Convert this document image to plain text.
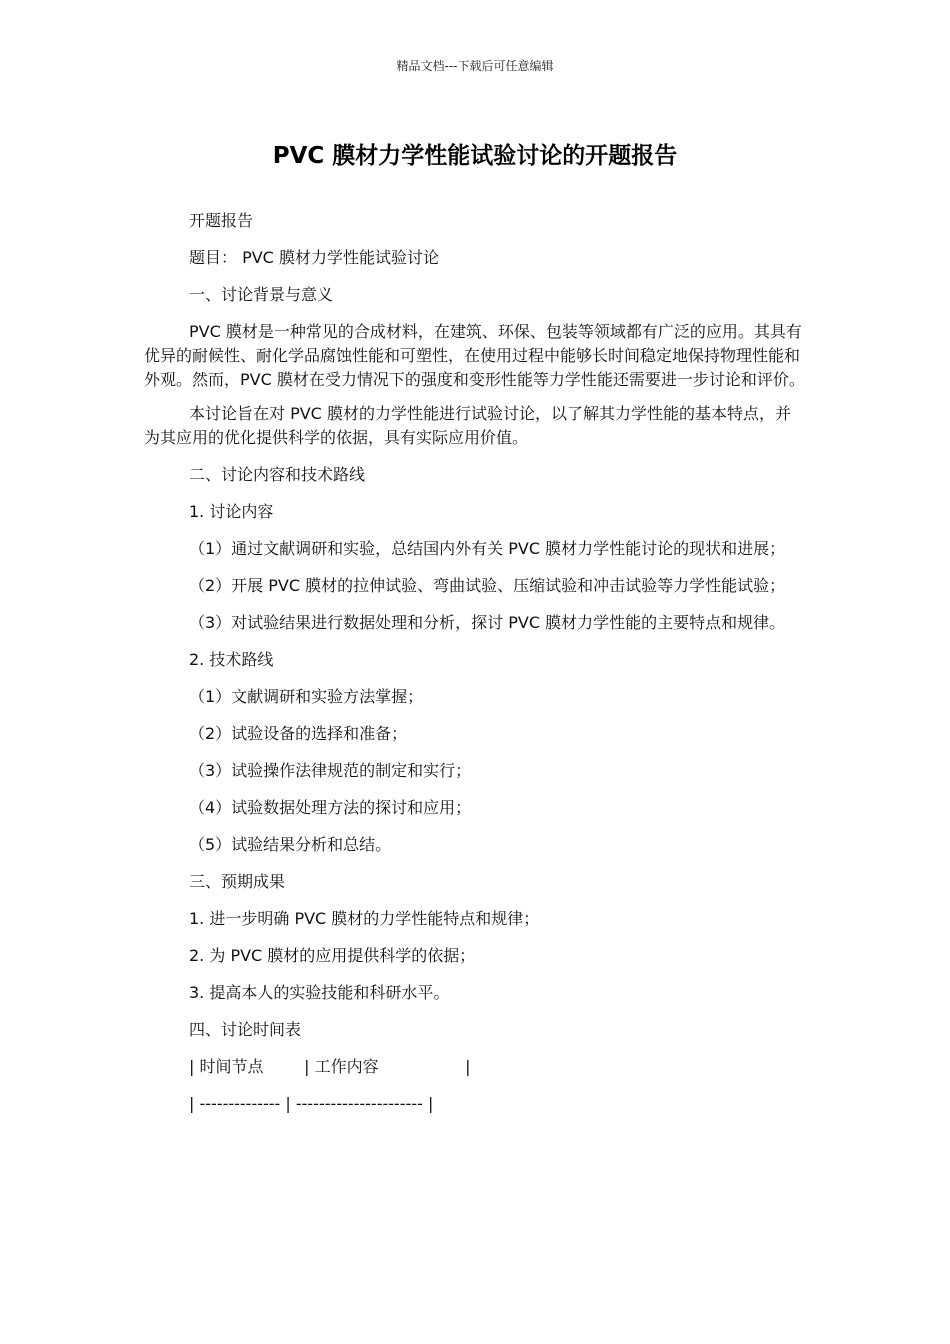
精品文档---下载后可任意编辑
PVC 膜材力学性能试验讨论的开题报告

开题报告

题目： PVC 膜材力学性能试验讨论

一、讨论背景与意义

PVC 膜材是一种常见的合成材料，在建筑、环保、包装等领域都有广泛的应用。其具有优异的耐候性、耐化学品腐蚀性能和可塑性，在使用过程中能够长时间稳定地保持物理性能和外观。然而，PVC 膜材在受力情况下的强度和变形性能等力学性能还需要进一步讨论和评价。

本讨论旨在对 PVC 膜材的力学性能进行试验讨论，以了解其力学性能的基本特点，并为其应用的优化提供科学的依据，具有实际应用价值。

二、讨论内容和技术路线

1. 讨论内容

（1）通过文献调研和实验，总结国内外有关 PVC 膜材力学性能讨论的现状和进展；

（2）开展 PVC 膜材的拉伸试验、弯曲试验、压缩试验和冲击试验等力学性能试验；

（3）对试验结果进行数据处理和分析，探讨 PVC 膜材力学性能的主要特点和规律。

2. 技术路线

（1）文献调研和实验方法掌握；

（2）试验设备的选择和准备；

（3）试验操作法律规范的制定和实行；

（4）试验数据处理方法的探讨和应用；

（5）试验结果分析和总结。

三、预期成果

1. 进一步明确 PVC 膜材的力学性能特点和规律；

2. 为 PVC 膜材的应用提供科学的依据；

3. 提高本人的实验技能和科研水平。

四、讨论时间表

| 时间节点        | 工作内容                 |

| -------------- | ---------------------- |
